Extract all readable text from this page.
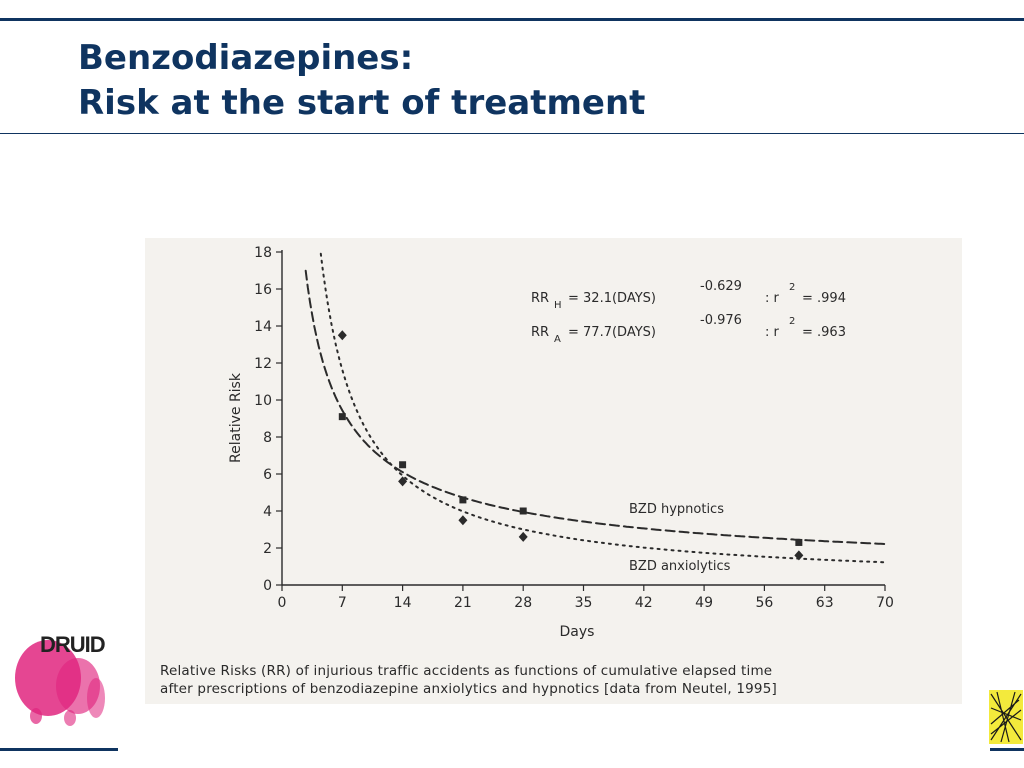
Benzodiazepines:
Risk at the start of treatment
RR H = 32.1(DAYS)
-0.629
: r
2
= .994
RR A = 77.7(DAYS)
-0.976
: r
2
= .963
BZD hypnotics
BZD anxiolytics
Days
Relative Risk
0
2
4
6
8
10
12
14
16
18
0	7	14	21	28	35	42	49	56	63	70
Relative Risks (RR) of injurious traffic accidents as functions of cumulative elapsed time
after prescriptions of benzodiazepine anxiolytics and hypnotics [data from Neutel, 1995]
DRUID
